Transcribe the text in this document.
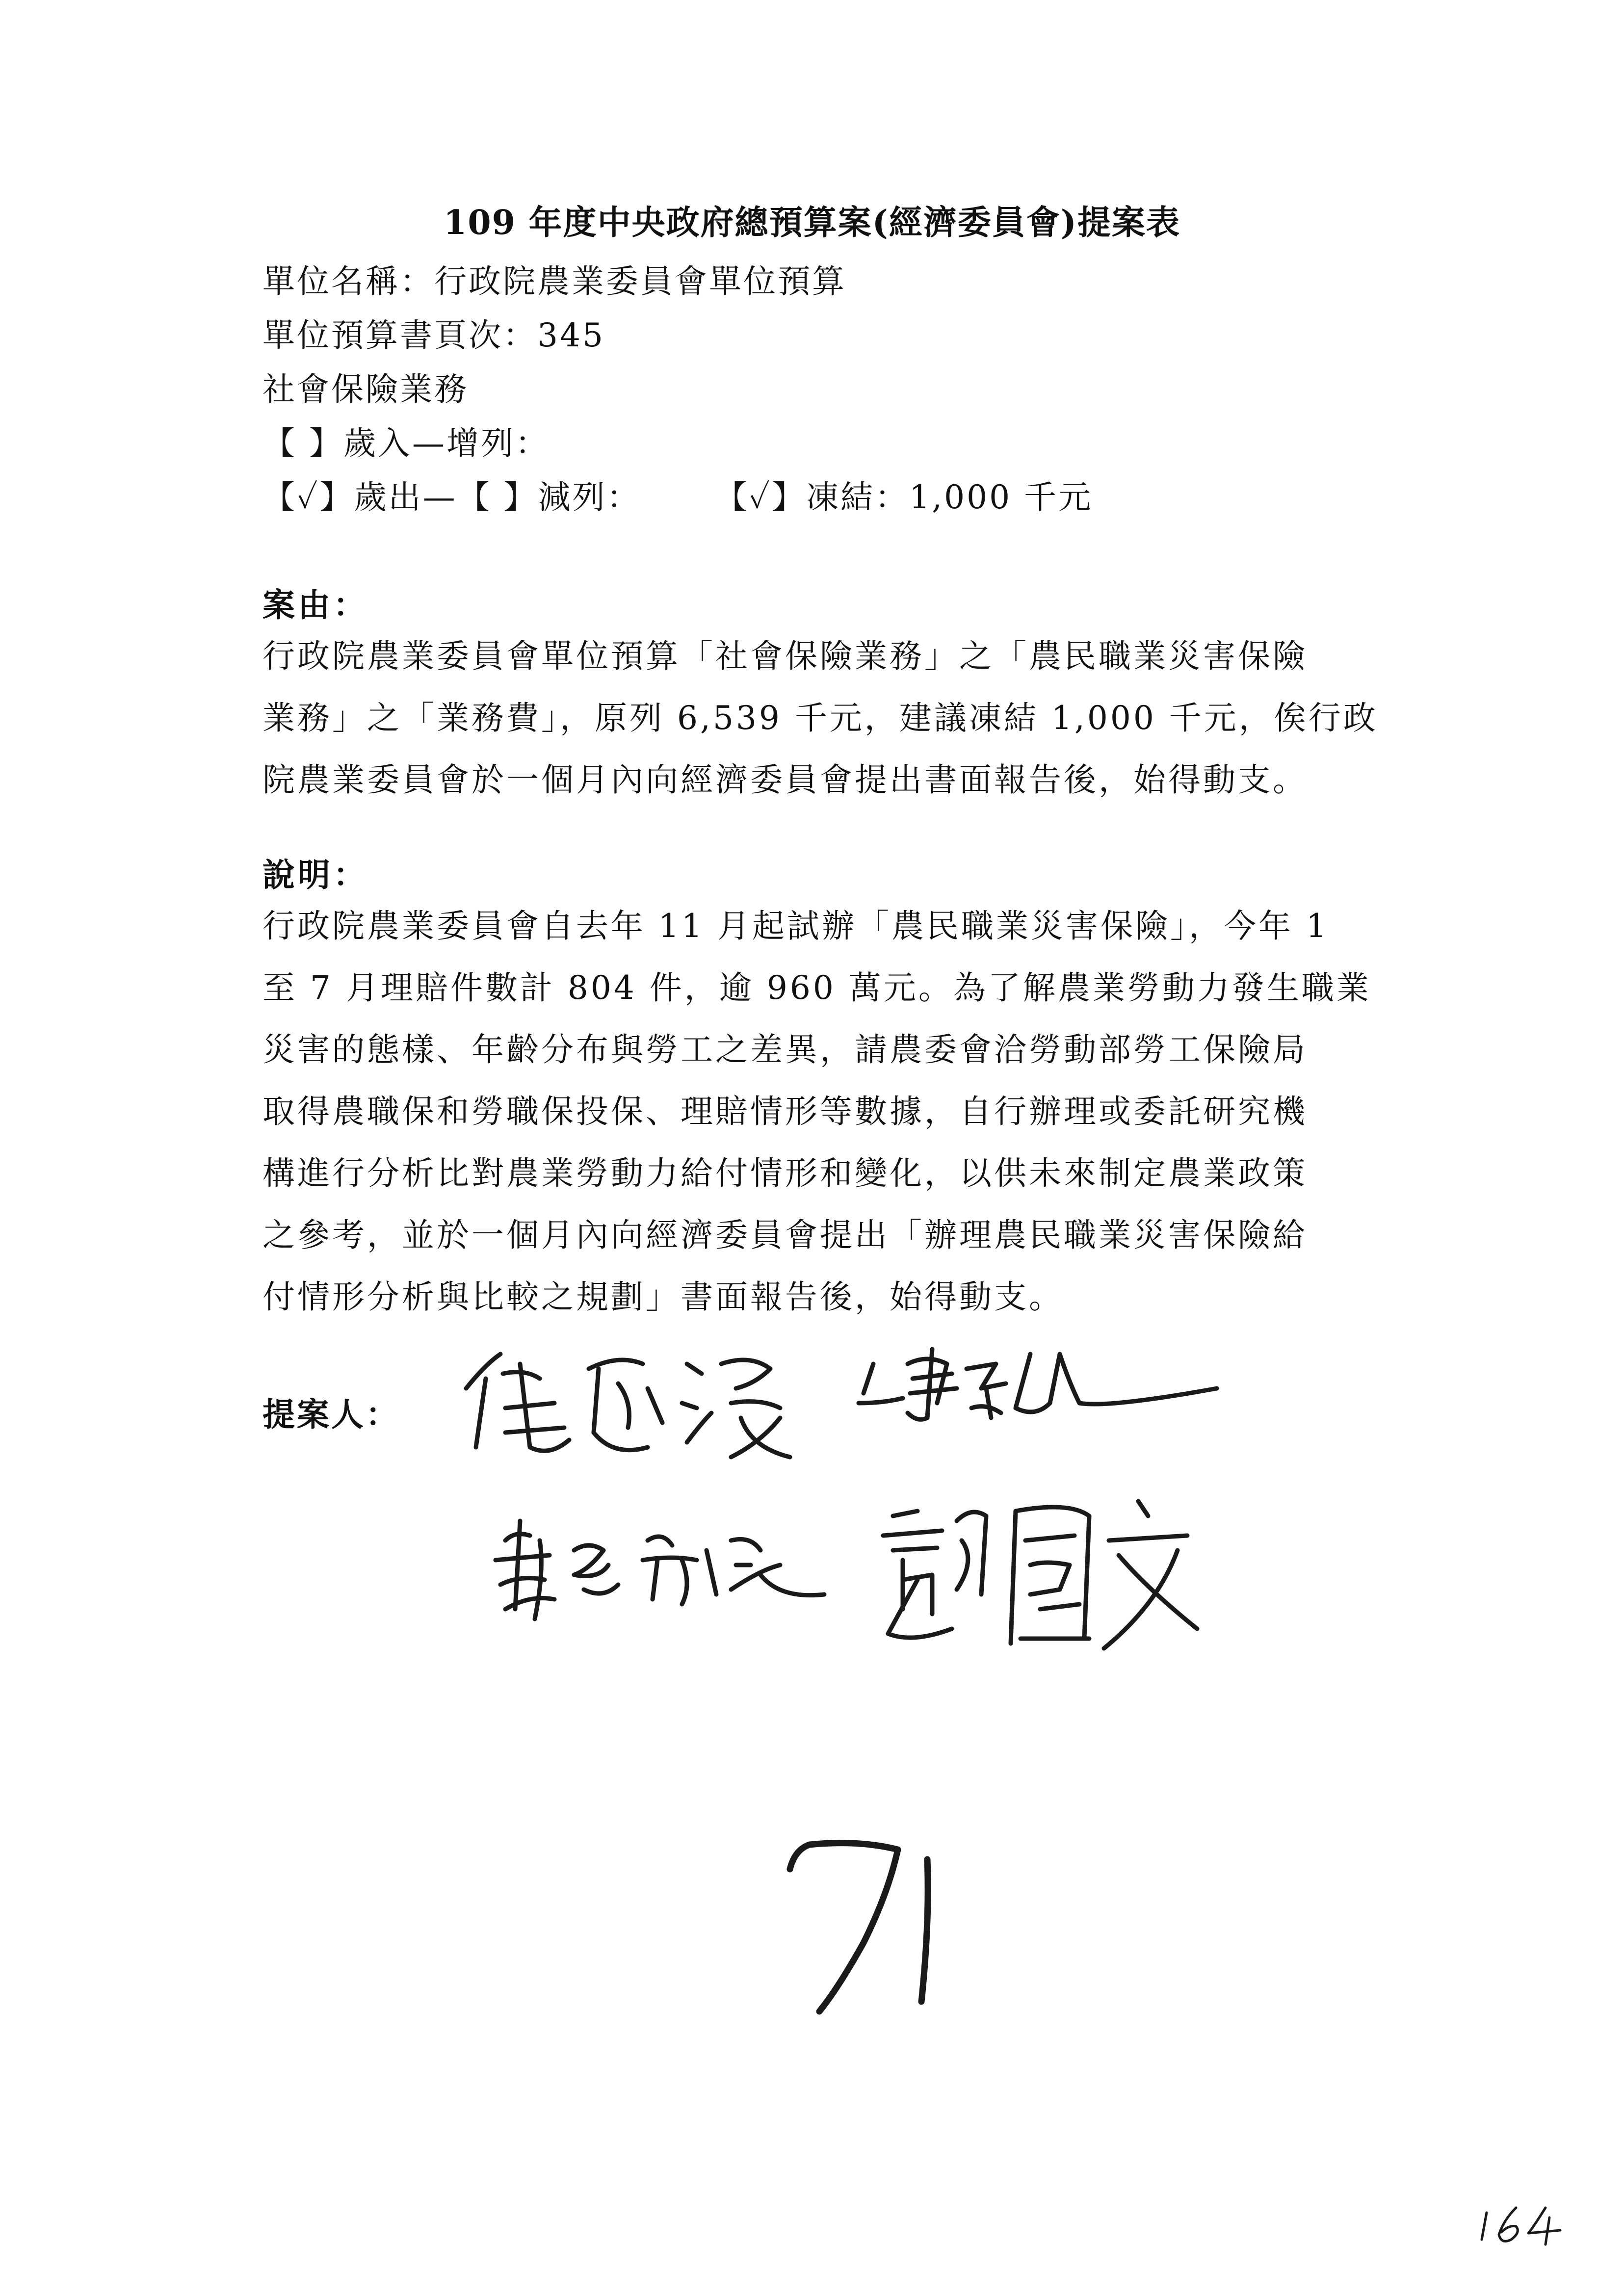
109 年度中央政府總預算案(經濟委員會)提案表
單位名稱：行政院農業委員會單位預算
單位預算書頁次：345
社會保險業務
【 】歲入—增列：
【✓】歲出—【 】減列： 【✓】凍結：1,000 千元
案由：
行政院農業委員會單位預算「社會保險業務」之「農民職業災害保險
業務」之「業務費」，原列 6,539 千元，建議凍結 1,000 千元，俟行政
院農業委員會於一個月內向經濟委員會提出書面報告後，始得動支。
說明：
行政院農業委員會自去年 11 月起試辦「農民職業災害保險」，今年 1
至 7 月理賠件數計 804 件，逾 960 萬元。為了解農業勞動力發生職業
災害的態樣、年齡分布與勞工之差異，請農委會洽勞動部勞工保險局
取得農職保和勞職保投保、理賠情形等數據，自行辦理或委託研究機
構進行分析比對農業勞動力給付情形和變化，以供未來制定農業政策
之參考，並於一個月內向經濟委員會提出「辦理農民職業災害保險給
付情形分析與比較之規劃」書面報告後，始得動支。
提案人：
